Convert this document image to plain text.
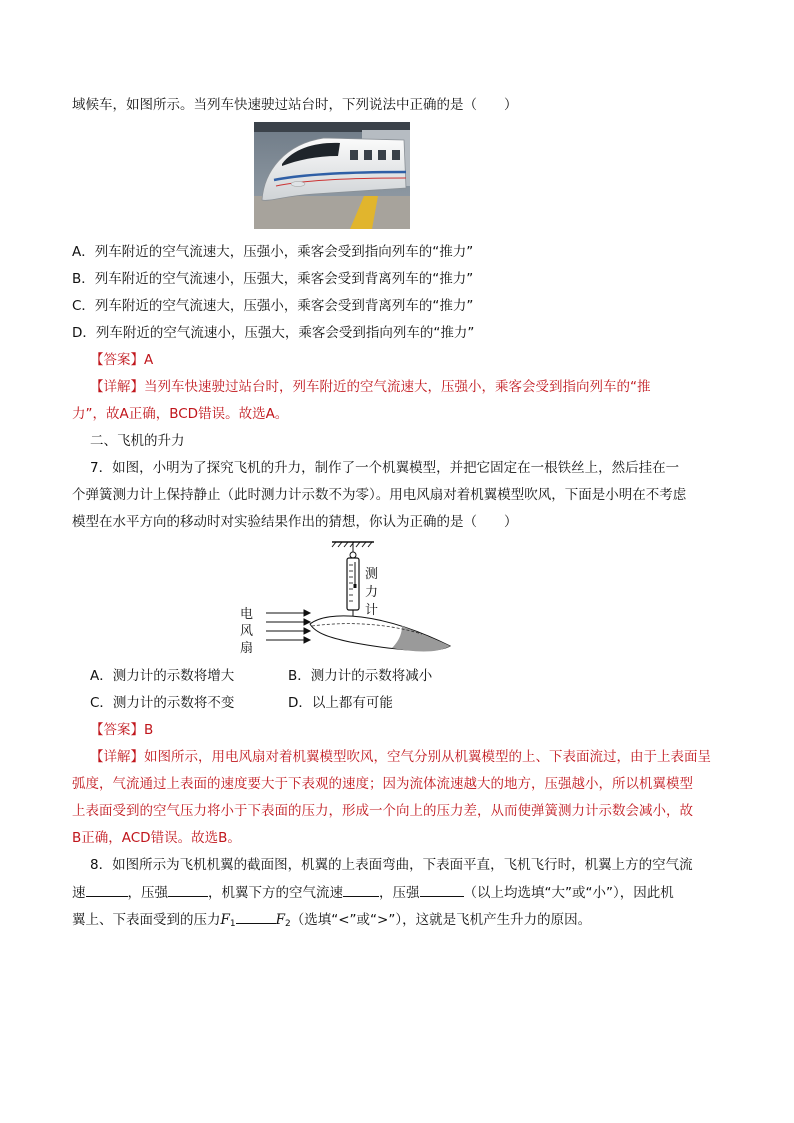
域候车，如图所示。当列车快速驶过站台时，下列说法中正确的是（　　）
A．列车附近的空气流速大，压强小，乘客会受到指向列车的“推力”
B．列车附近的空气流速小，压强大，乘客会受到背离列车的“推力”
C．列车附近的空气流速大，压强小，乘客会受到背离列车的“推力”
D．列车附近的空气流速小，压强大，乘客会受到指向列车的“推力”
【答案】A
【详解】当列车快速驶过站台时，列车附近的空气流速大，压强小，乘客会受到指向列车的“推
力”，故A正确，BCD错误。故选A。
二、飞机的升力
7．如图，小明为了探究飞机的升力，制作了一个机翼模型，并把它固定在一根铁丝上，然后挂在一
个弹簧测力计上保持静止（此时测力计示数不为零）。用电风扇对着机翼模型吹风，下面是小明在不考虑
模型在水平方向的移动时对实验结果作出的猜想，你认为正确的是（　　）
测
力
计
电
风
扇
A．测力计的示数将增大	B．测力计的示数将减小
C．测力计的示数将不变	D．以上都有可能
【答案】B
【详解】如图所示，用电风扇对着机翼模型吹风，空气分别从机翼模型的上、下表面流过，由于上表面呈
弧度，气流通过上表面的速度要大于下表观的速度；因为流体流速越大的地方，压强越小，所以机翼模型
上表面受到的空气压力将小于下表面的压力，形成一个向上的压力差，从而使弹簧测力计示数会减小，故
B正确，ACD错误。故选B。
8．如图所示为飞机机翼的截面图，机翼的上表面弯曲，下表面平直，飞机飞行时，机翼上方的空气流
速	，压强	，机翼下方的空气流速	，压强	（以上均选填“大”或“小”），因此机
翼上、下表面受到的压力$F_1$	$F_2$（选填“<”或“>”），这就是飞机产生升力的原因。
